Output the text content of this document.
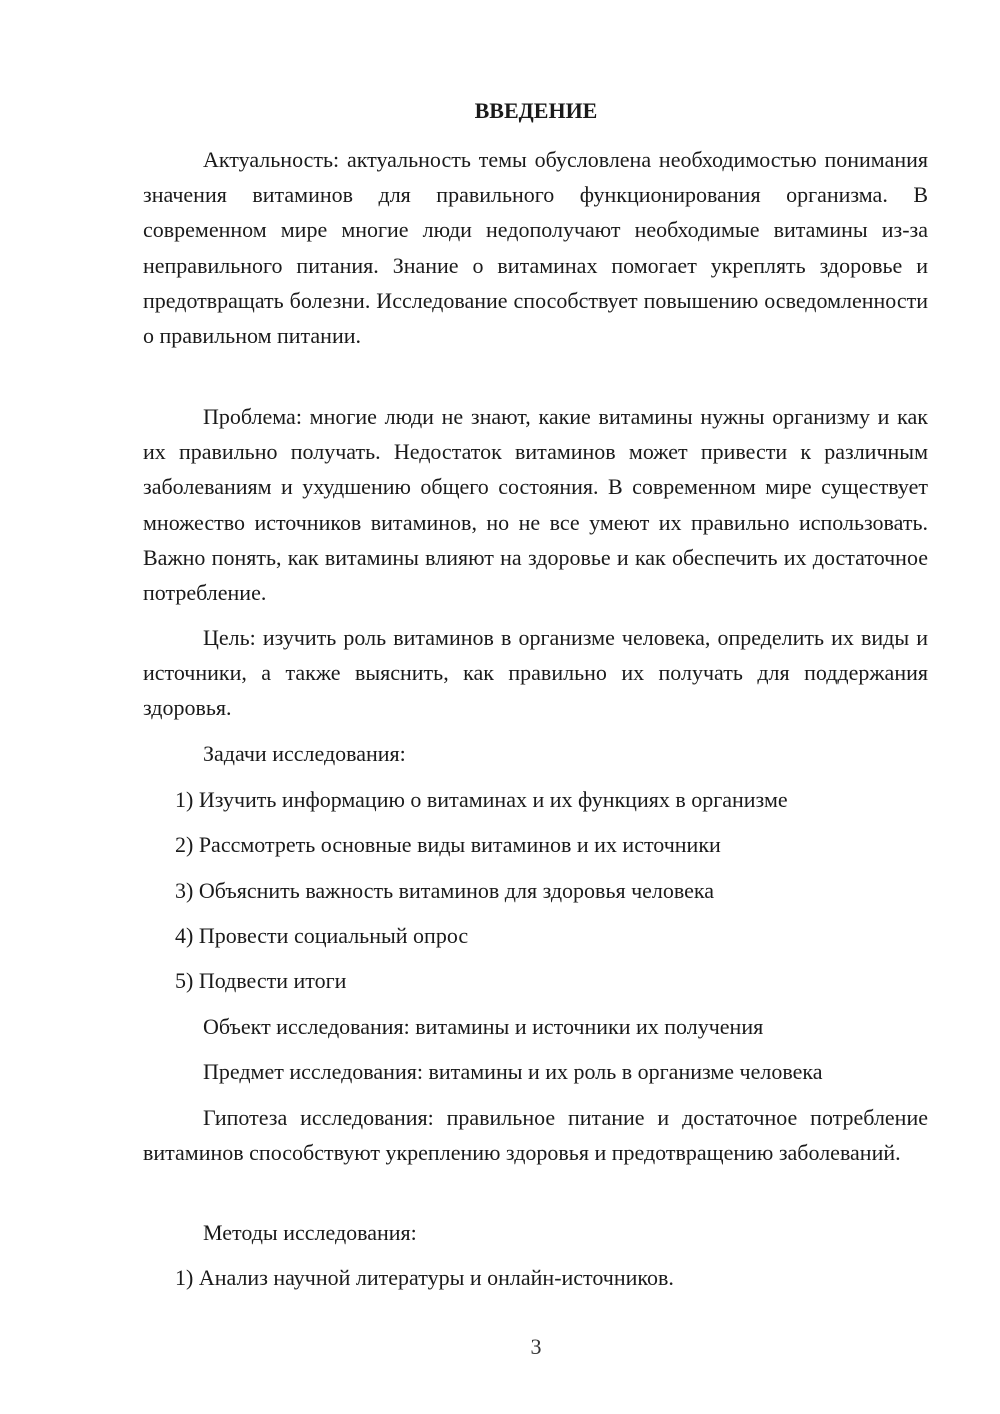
ВВЕДЕНИЕ

Актуальность: актуальность темы обусловлена необходимостью понимания значения витаминов для правильного функционирования организма. В современном мире многие люди недополучают необходимые витамины из-за неправильного питания. Знание о витаминах помогает укреплять здоровье и предотвращать болезни. Исследование способствует повышению осведомленности о правильном питании.

Проблема: многие люди не знают, какие витамины нужны организму и как их правильно получать. Недостаток витаминов может привести к различным заболеваниям и ухудшению общего состояния. В современном мире существует множество источников витаминов, но не все умеют их правильно использовать. Важно понять, как витамины влияют на здоровье и как обеспечить их достаточное потребление.

Цель: изучить роль витаминов в организме человека, определить их виды и источники, а также выяснить, как правильно их получать для поддержания здоровья.

Задачи исследования:

1) Изучить информацию о витаминах и их функциях в организме

2) Рассмотреть основные виды витаминов и их источники

3) Объяснить важность витаминов для здоровья человека

4) Провести социальный опрос

5) Подвести итоги

Объект исследования: витамины и источники их получения

Предмет исследования: витамины и их роль в организме человека

Гипотеза исследования: правильное питание и достаточное потребление витаминов способствуют укреплению здоровья и предотвращению заболеваний.

Методы исследования:

1) Анализ научной литературы и онлайн-источников.

3
